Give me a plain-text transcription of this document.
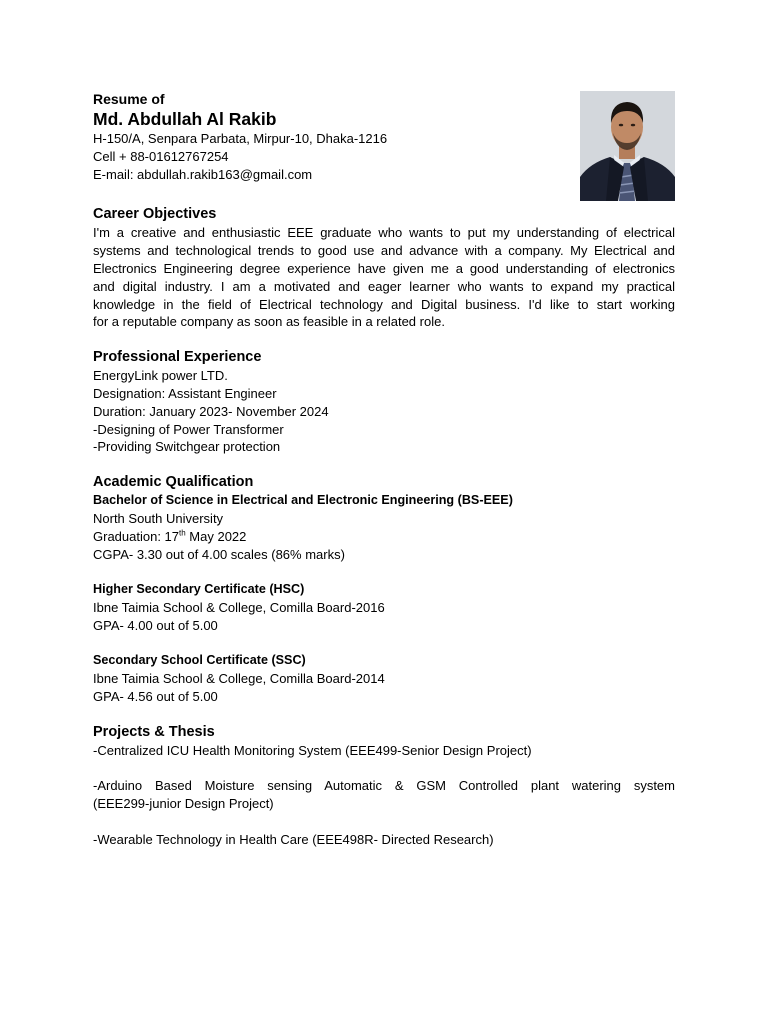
Resume of
Md. Abdullah Al Rakib
H-150/A, Senpara Parbata, Mirpur-10, Dhaka-1216
Cell + 88-01612767254
E-mail: abdullah.rakib163@gmail.com
Career Objectives
I'm a creative and enthusiastic EEE graduate who wants to put my understanding of electrical
systems and technological trends to good use and advance with a company. My Electrical and
Electronics Engineering degree experience have given me a good understanding of electronics
and digital industry. I am a motivated and eager learner who wants to expand my practical
knowledge in the field of Electrical technology and Digital business. I'd like to start working
for a reputable company as soon as feasible in a related role.
Professional Experience
EnergyLink power LTD.
Designation: Assistant Engineer
Duration: January 2023- November 2024
-Designing of Power Transformer
-Providing Switchgear protection
Academic Qualification
Bachelor of Science in Electrical and Electronic Engineering (BS-EEE)
North South University
Graduation: 17th May 2022
CGPA- 3.30 out of 4.00 scales (86% marks)
Higher Secondary Certificate (HSC)
Ibne Taimia School & College, Comilla Board-2016
GPA- 4.00 out of 5.00
Secondary School Certificate (SSC)
Ibne Taimia School & College, Comilla Board-2014
GPA- 4.56 out of 5.00
Projects & Thesis
-Centralized ICU Health Monitoring System (EEE499-Senior Design Project)
-Arduino Based Moisture sensing Automatic & GSM Controlled plant watering system
(EEE299-junior Design Project)
-Wearable Technology in Health Care (EEE498R- Directed Research)
